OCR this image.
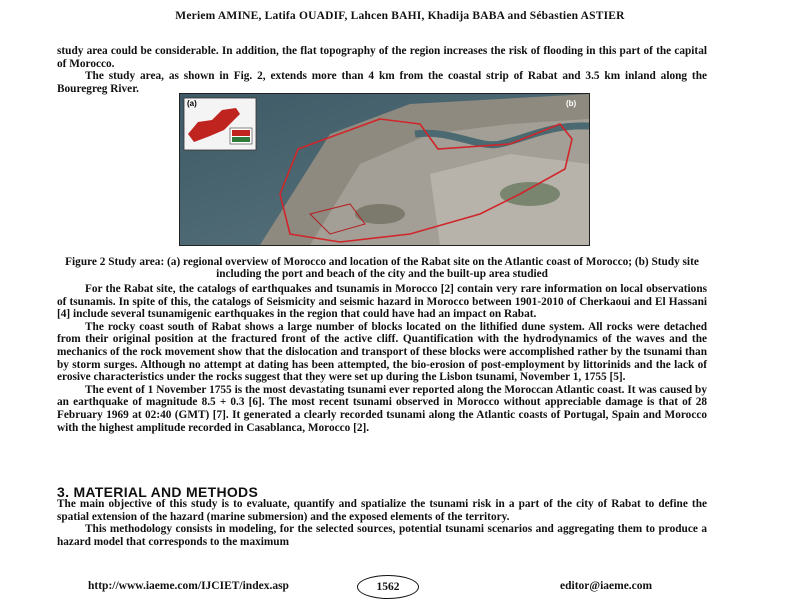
Meriem AMINE, Latifa OUADIF, Lahcen BAHI, Khadija BABA and Sébastien ASTIER

study area could be considerable. In addition, the flat topography of the region increases the risk of flooding in this part of the capital of Morocco.

The study area, as shown in Fig. 2, extends more than 4 km from the coastal strip of Rabat and 3.5 km inland along the Bouregreg River.

(a)	(b)
Figure 2 Study area: (a) regional overview of Morocco and location of the Rabat site on the Atlantic coast of Morocco; (b) Study site including the port and beach of the city and the built-up area studied

For the Rabat site, the catalogs of earthquakes and tsunamis in Morocco [2] contain very rare information on local observations of tsunamis. In spite of this, the catalogs of Seismicity and seismic hazard in Morocco between 1901-2010 of Cherkaoui and El Hassani [4] include several tsunamigenic earthquakes in the region that could have had an impact on Rabat.

The rocky coast south of Rabat shows a large number of blocks located on the lithified dune system. All rocks were detached from their original position at the fractured front of the active cliff. Quantification with the hydrodynamics of the waves and the mechanics of the rock movement show that the dislocation and transport of these blocks were accomplished rather by the tsunami than by storm surges. Although no attempt at dating has been attempted, the bio-erosion of post-employment by littorinids and the lack of erosive characteristics under the rocks suggest that they were set up during the Lisbon tsunami, November 1, 1755 [5].

The event of 1 November 1755 is the most devastating tsunami ever reported along the Moroccan Atlantic coast. It was caused by an earthquake of magnitude 8.5 + 0.3 [6]. The most recent tsunami observed in Morocco without appreciable damage is that of 28 February 1969 at 02:40 (GMT) [7]. It generated a clearly recorded tsunami along the Atlantic coasts of Portugal, Spain and Morocco with the highest amplitude recorded in Casablanca, Morocco [2].

3. MATERIAL AND METHODS

The main objective of this study is to evaluate, quantify and spatialize the tsunami risk in a part of the city of Rabat to define the spatial extension of the hazard (marine submersion) and the exposed elements of the territory.

This methodology consists in modeling, for the selected sources, potential tsunami scenarios and aggregating them to produce a hazard model that corresponds to the maximum

http://www.iaeme.com/IJCIET/index.asp	1562	editor@iaeme.com
